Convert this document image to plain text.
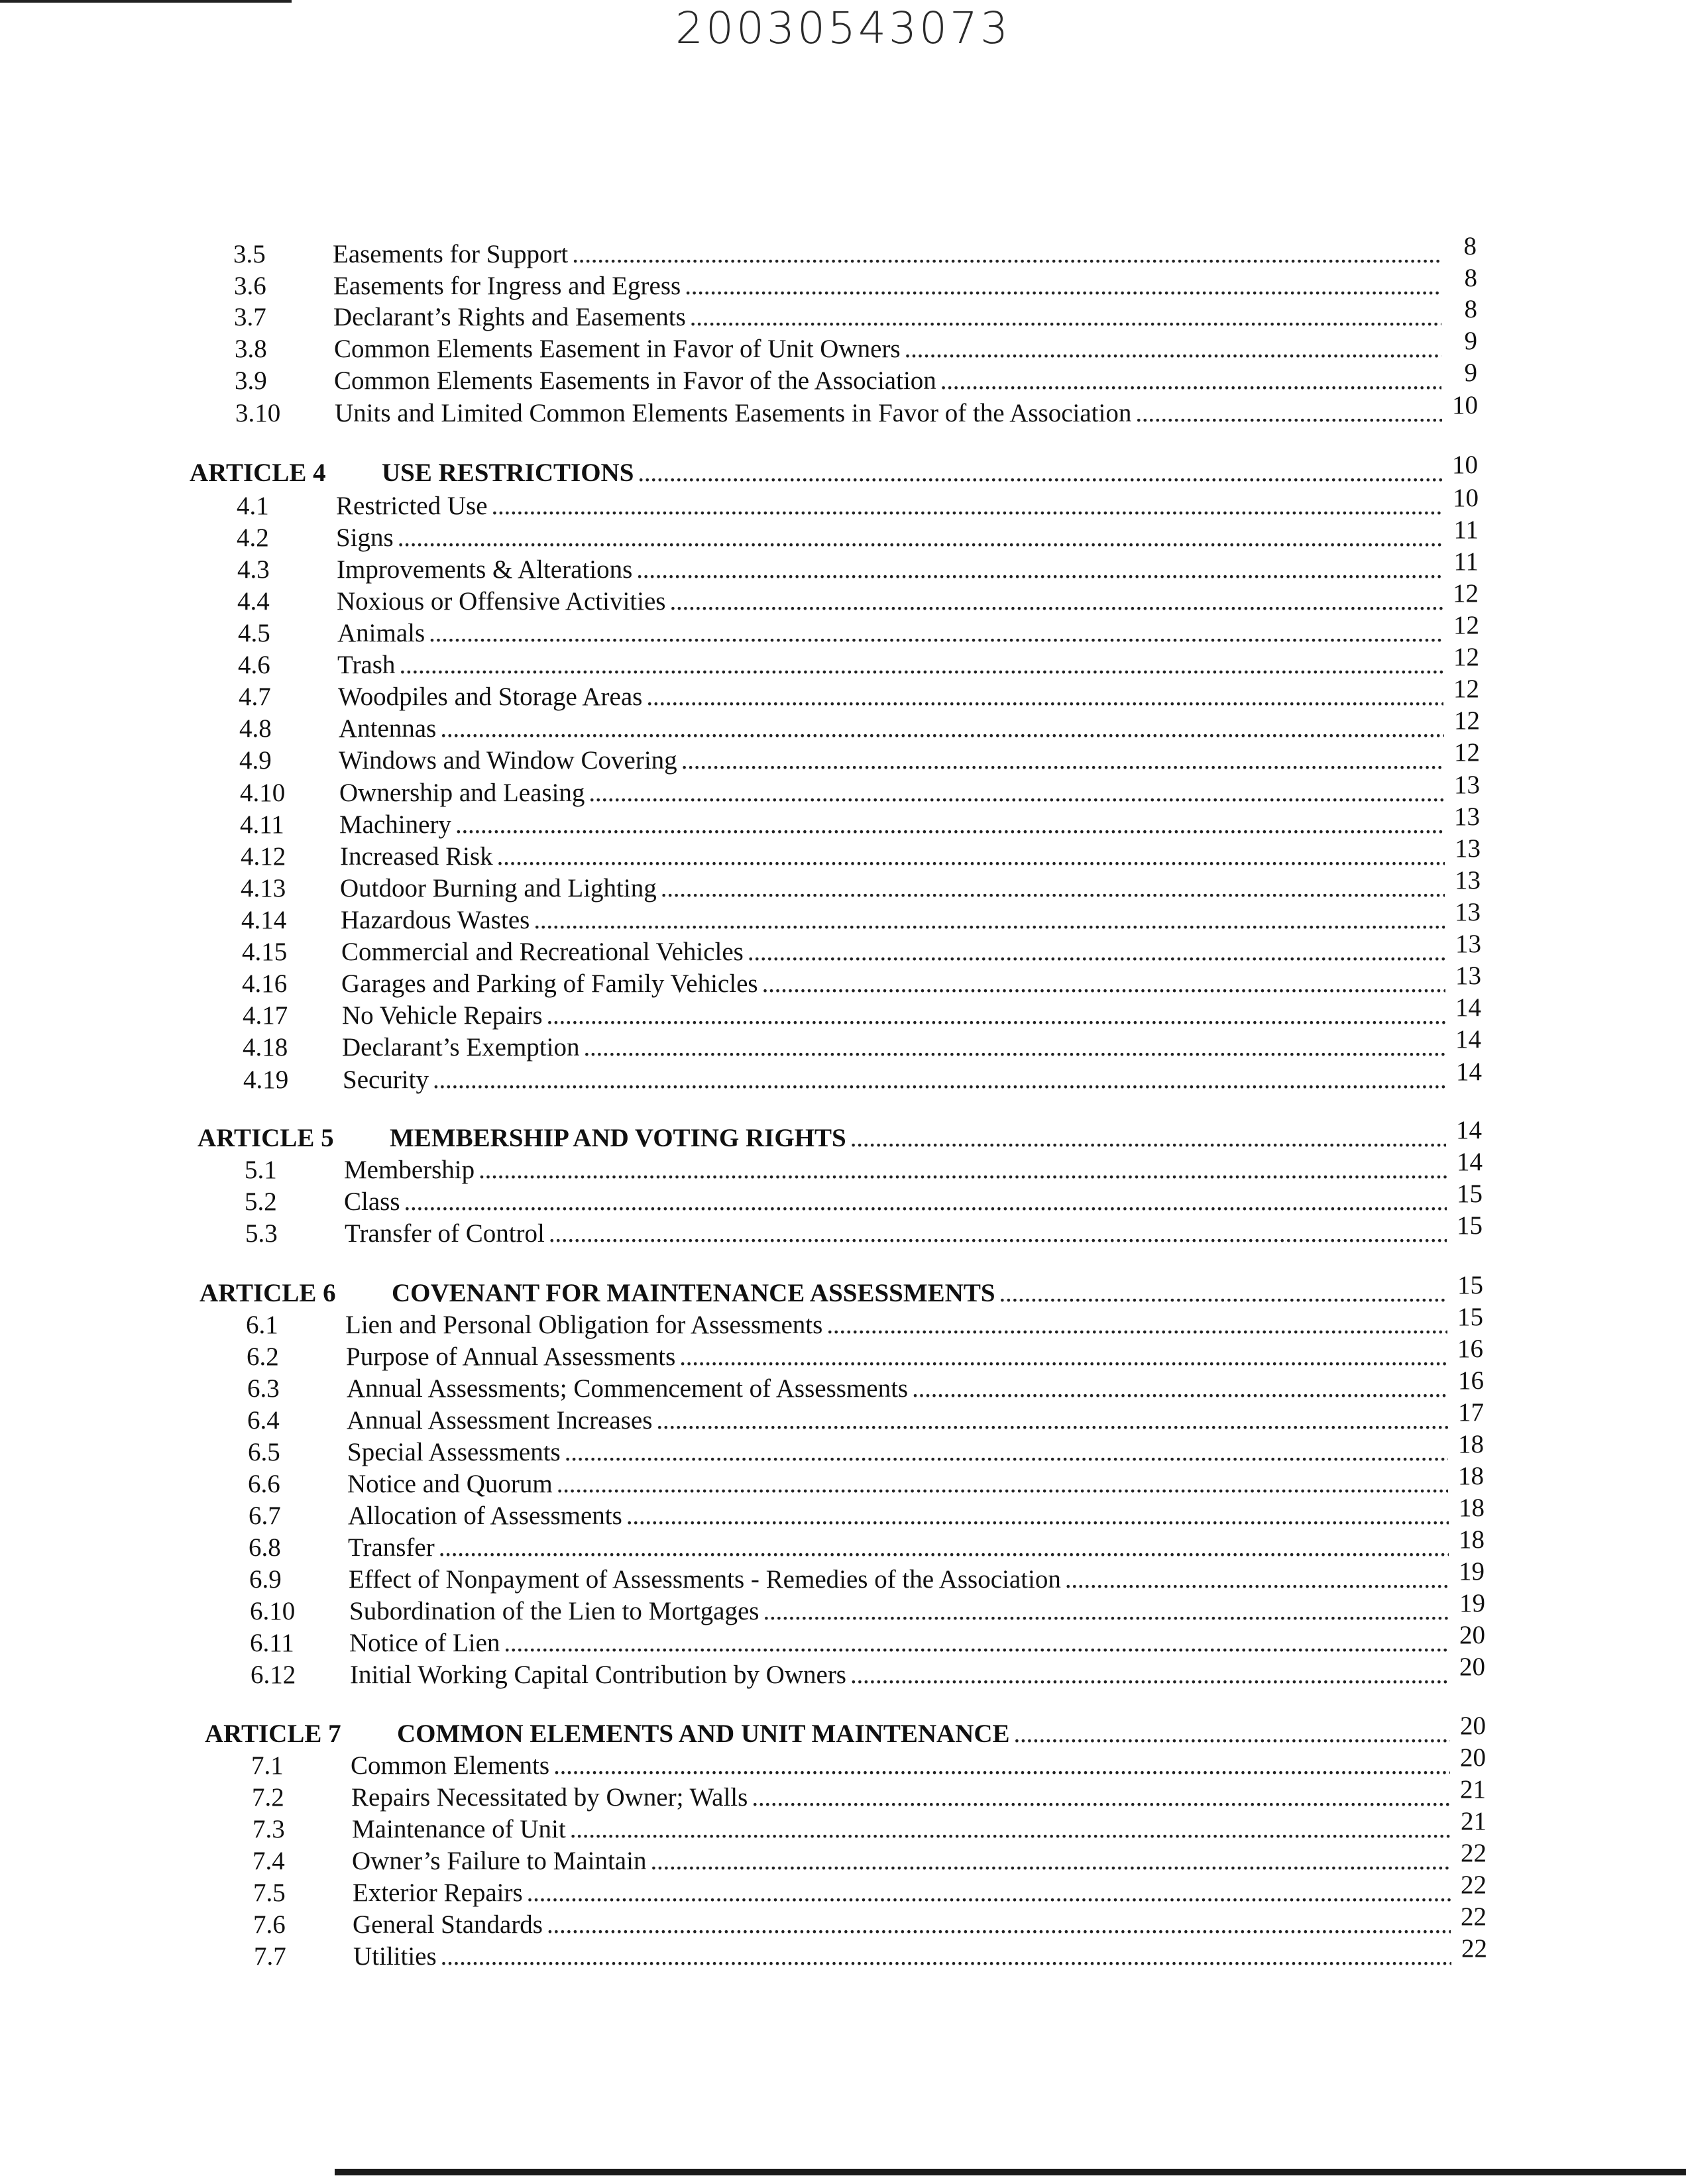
20030543073
3.5	Easements for Support . . .	8
3.6	Easements for Ingress and Egress . . .	8
3.7	Declarant’s Rights and Easements . . .	8
3.8	Common Elements Easement in Favor of Unit Owners . . .	9
3.9	Common Elements Easements in Favor of the Association . . .	9
3.10	Units and Limited Common Elements Easements in Favor of the Association . . .	10
ARTICLE 4	USE RESTRICTIONS . . .	10
4.1	Restricted Use . . .	10
4.2	Signs . . .	11
4.3	Improvements & Alterations . . .	11
4.4	Noxious or Offensive Activities . . .	12
4.5	Animals . . .	12
4.6	Trash . . .	12
4.7	Woodpiles and Storage Areas . . .	12
4.8	Antennas . . .	12
4.9	Windows and Window Covering . . .	12
4.10	Ownership and Leasing . . .	13
4.11	Machinery . . .	13
4.12	Increased Risk . . .	13
4.13	Outdoor Burning and Lighting . . .	13
4.14	Hazardous Wastes . . .	13
4.15	Commercial and Recreational Vehicles . . .	13
4.16	Garages and Parking of Family Vehicles . . .	13
4.17	No Vehicle Repairs . . .	14
4.18	Declarant’s Exemption . . .	14
4.19	Security . . .	14
ARTICLE 5	MEMBERSHIP AND VOTING RIGHTS . . .	14
5.1	Membership . . .	14
5.2	Class . . .	15
5.3	Transfer of Control . . .	15
ARTICLE 6	COVENANT FOR MAINTENANCE ASSESSMENTS . . .	15
6.1	Lien and Personal Obligation for Assessments . . .	15
6.2	Purpose of Annual Assessments . . .	16
6.3	Annual Assessments; Commencement of Assessments . . .	16
6.4	Annual Assessment Increases . . .	17
6.5	Special Assessments . . .	18
6.6	Notice and Quorum . . .	18
6.7	Allocation of Assessments . . .	18
6.8	Transfer . . .	18
6.9	Effect of Nonpayment of Assessments - Remedies of the Association . . .	19
6.10	Subordination of the Lien to Mortgages . . .	19
6.11	Notice of Lien . . .	20
6.12	Initial Working Capital Contribution by Owners . . .	20
ARTICLE 7	COMMON ELEMENTS AND UNIT MAINTENANCE . . .	20
7.1	Common Elements . . .	20
7.2	Repairs Necessitated by Owner; Walls . . .	21
7.3	Maintenance of Unit . . .	21
7.4	Owner’s Failure to Maintain . . .	22
7.5	Exterior Repairs . . .	22
7.6	General Standards . . .	22
7.7	Utilities . . .	22
